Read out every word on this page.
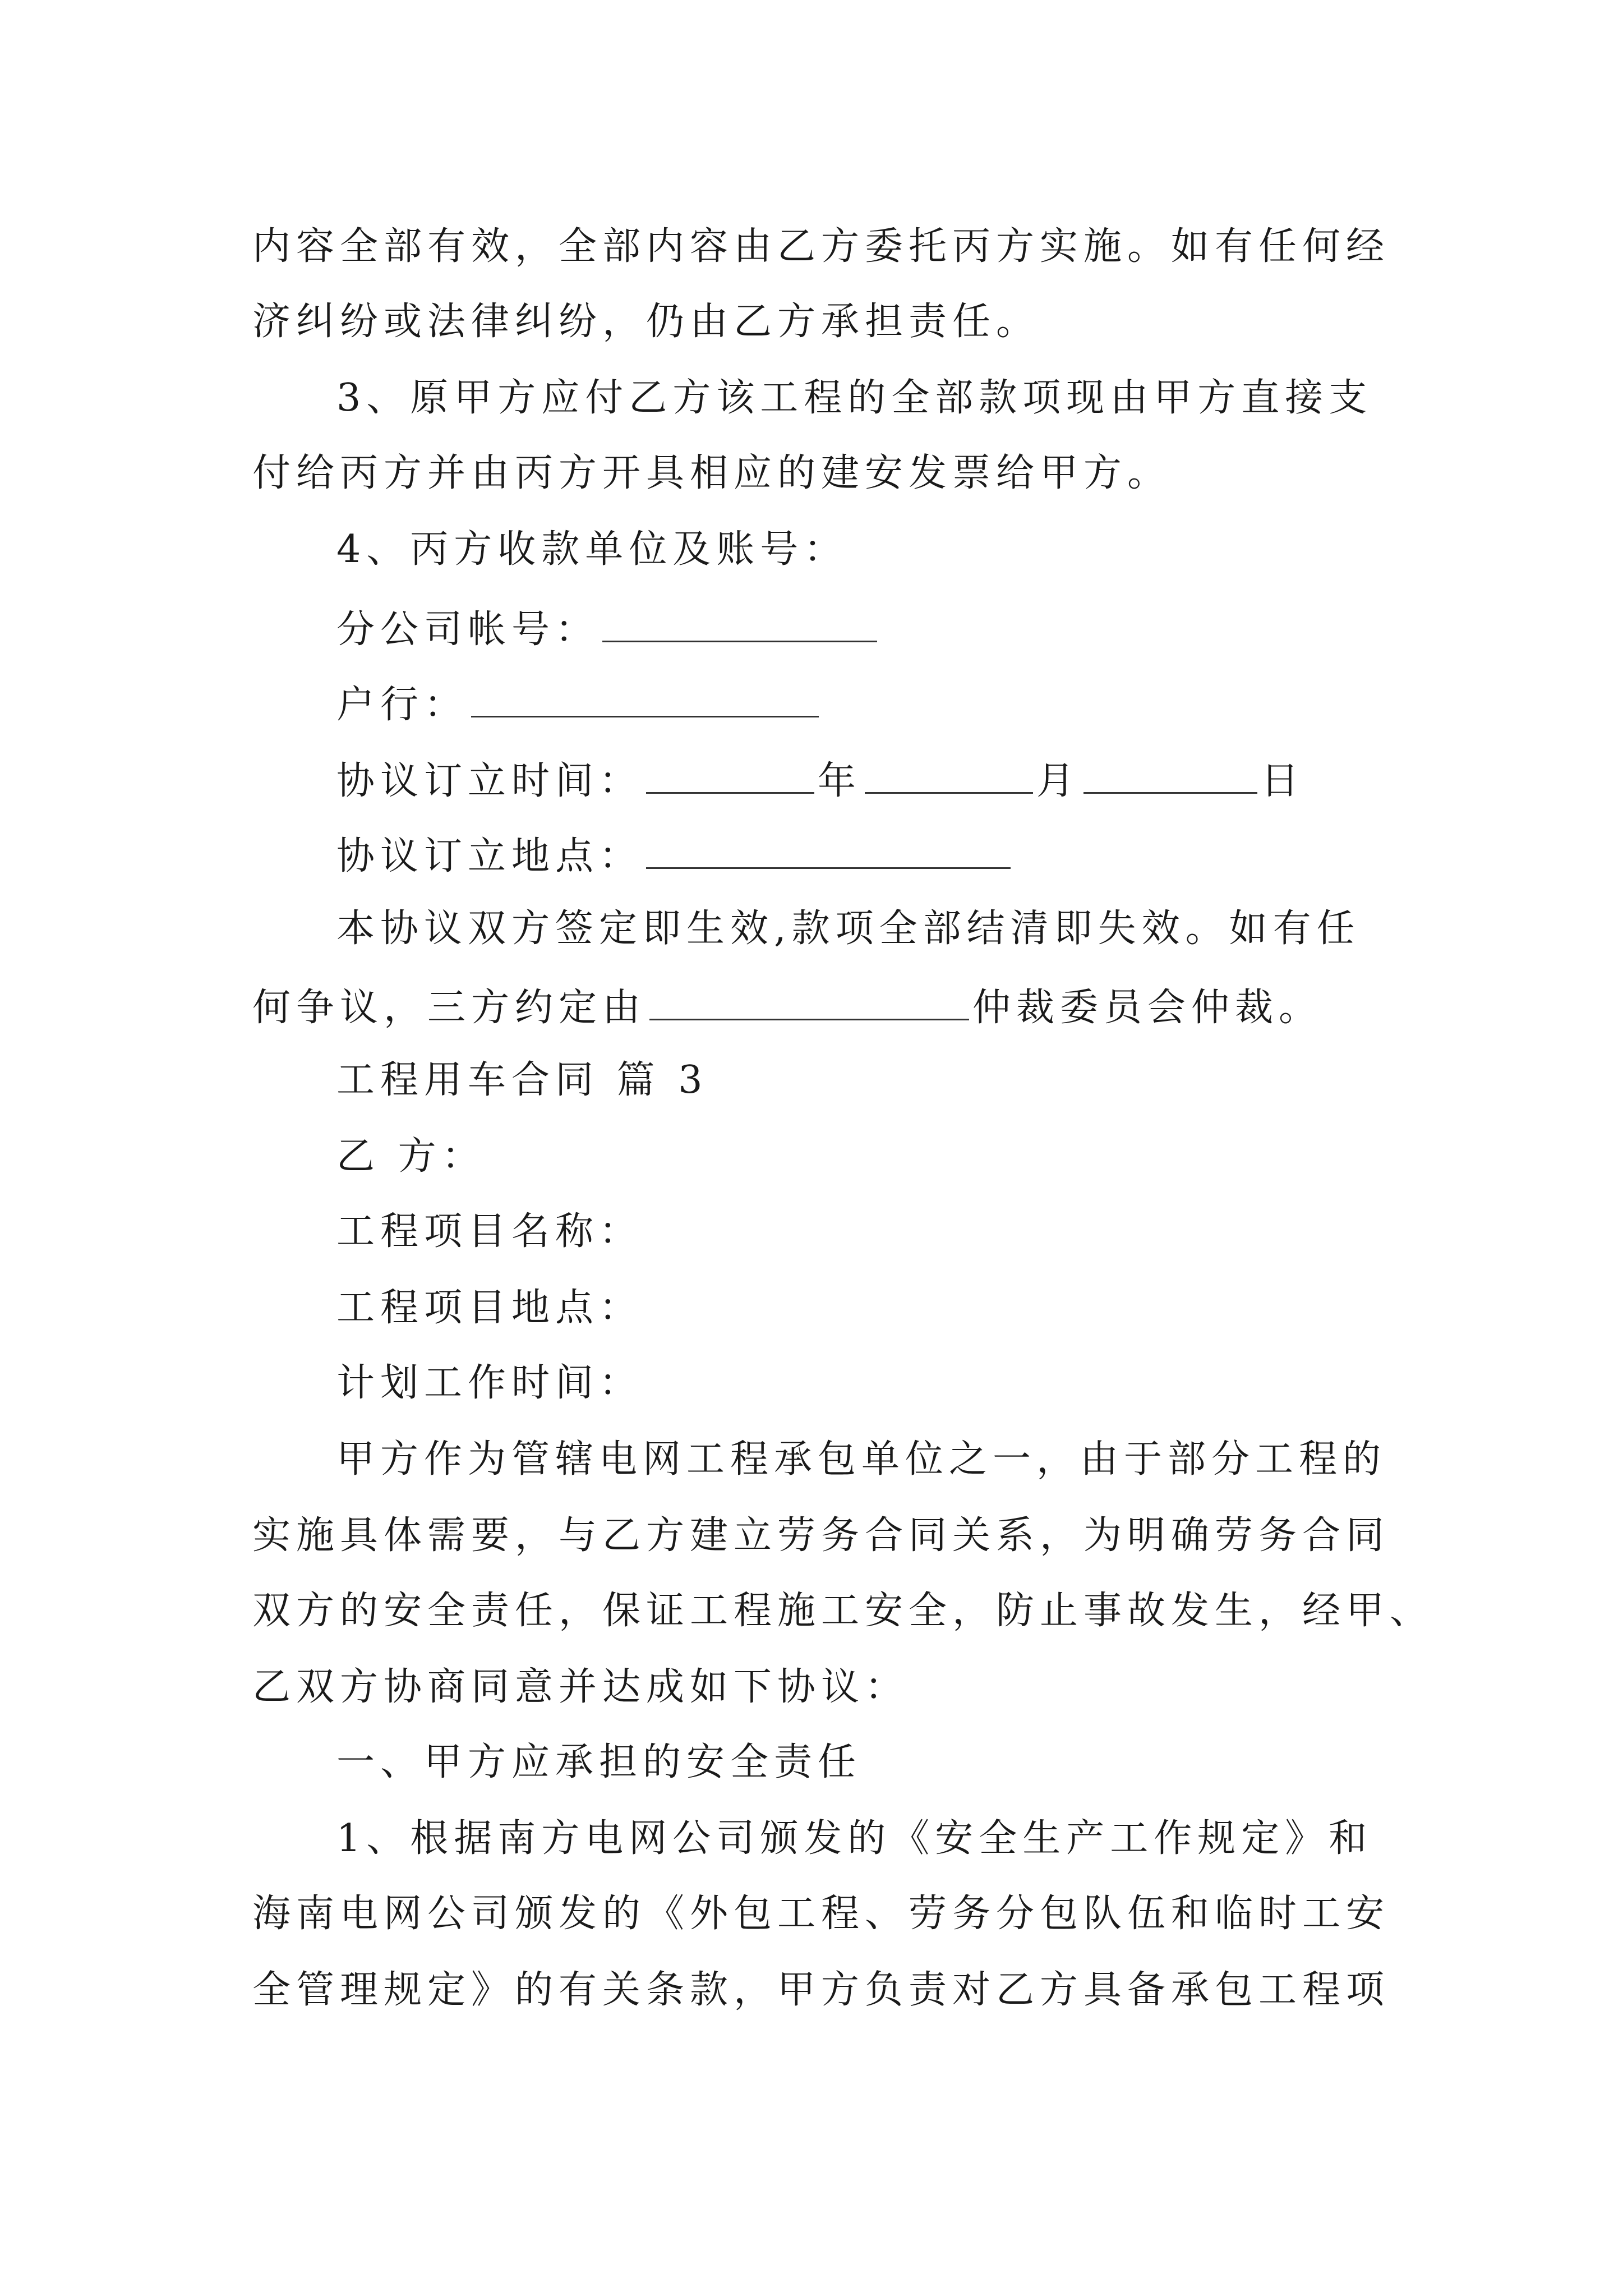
内容全部有效，全部内容由乙方委托丙方实施。如有任何经
济纠纷或法律纠纷，仍由乙方承担责任。
3、原甲方应付乙方该工程的全部款项现由甲方直接支
付给丙方并由丙方开具相应的建安发票给甲方。
4、丙方收款单位及账号：
分公司帐号：
户行：
协议订立时间：	年	月	日
协议订立地点：
本协议双方签定即生效,款项全部结清即失效。如有任
何争议，三方约定由	仲裁委员会仲裁。
工程用车合同 篇 3
乙 方：
工程项目名称：
工程项目地点：
计划工作时间：
甲方作为管辖电网工程承包单位之一，由于部分工程的
实施具体需要，与乙方建立劳务合同关系，为明确劳务合同
双方的安全责任，保证工程施工安全，防止事故发生，经甲、
乙双方协商同意并达成如下协议：
一、甲方应承担的安全责任
1、根据南方电网公司颁发的《安全生产工作规定》和
海南电网公司颁发的《外包工程、劳务分包队伍和临时工安
全管理规定》的有关条款，甲方负责对乙方具备承包工程项
